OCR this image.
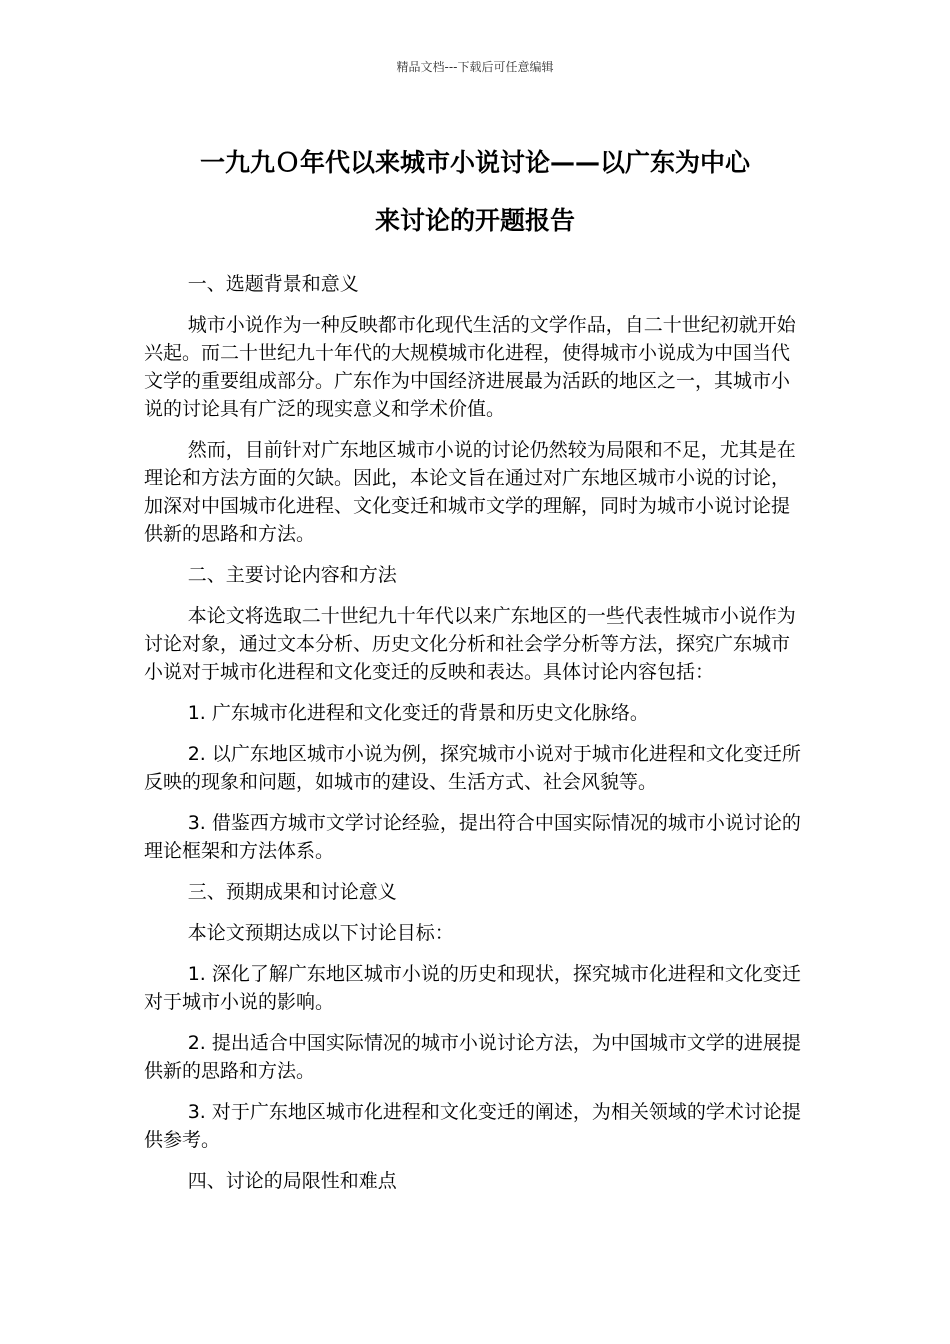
精品文档---下载后可任意编辑
一九九Ｏ年代以来城市小说讨论——以广东为中心
来讨论的开题报告

一、选题背景和意义

城市小说作为一种反映都市化现代生活的文学作品，自二十世纪初就开始兴起。而二十世纪九十年代的大规模城市化进程，使得城市小说成为中国当代文学的重要组成部分。广东作为中国经济进展最为活跃的地区之一，其城市小说的讨论具有广泛的现实意义和学术价值。

然而，目前针对广东地区城市小说的讨论仍然较为局限和不足，尤其是在理论和方法方面的欠缺。因此，本论文旨在通过对广东地区城市小说的讨论，加深对中国城市化进程、文化变迁和城市文学的理解，同时为城市小说讨论提供新的思路和方法。

二、主要讨论内容和方法

本论文将选取二十世纪九十年代以来广东地区的一些代表性城市小说作为讨论对象，通过文本分析、历史文化分析和社会学分析等方法，探究广东城市小说对于城市化进程和文化变迁的反映和表达。具体讨论内容包括：

1. 广东城市化进程和文化变迁的背景和历史文化脉络。

2. 以广东地区城市小说为例，探究城市小说对于城市化进程和文化变迁所反映的现象和问题，如城市的建设、生活方式、社会风貌等。

3. 借鉴西方城市文学讨论经验，提出符合中国实际情况的城市小说讨论的理论框架和方法体系。

三、预期成果和讨论意义

本论文预期达成以下讨论目标：

1. 深化了解广东地区城市小说的历史和现状，探究城市化进程和文化变迁对于城市小说的影响。

2. 提出适合中国实际情况的城市小说讨论方法，为中国城市文学的进展提供新的思路和方法。

3. 对于广东地区城市化进程和文化变迁的阐述，为相关领域的学术讨论提供参考。

四、讨论的局限性和难点
